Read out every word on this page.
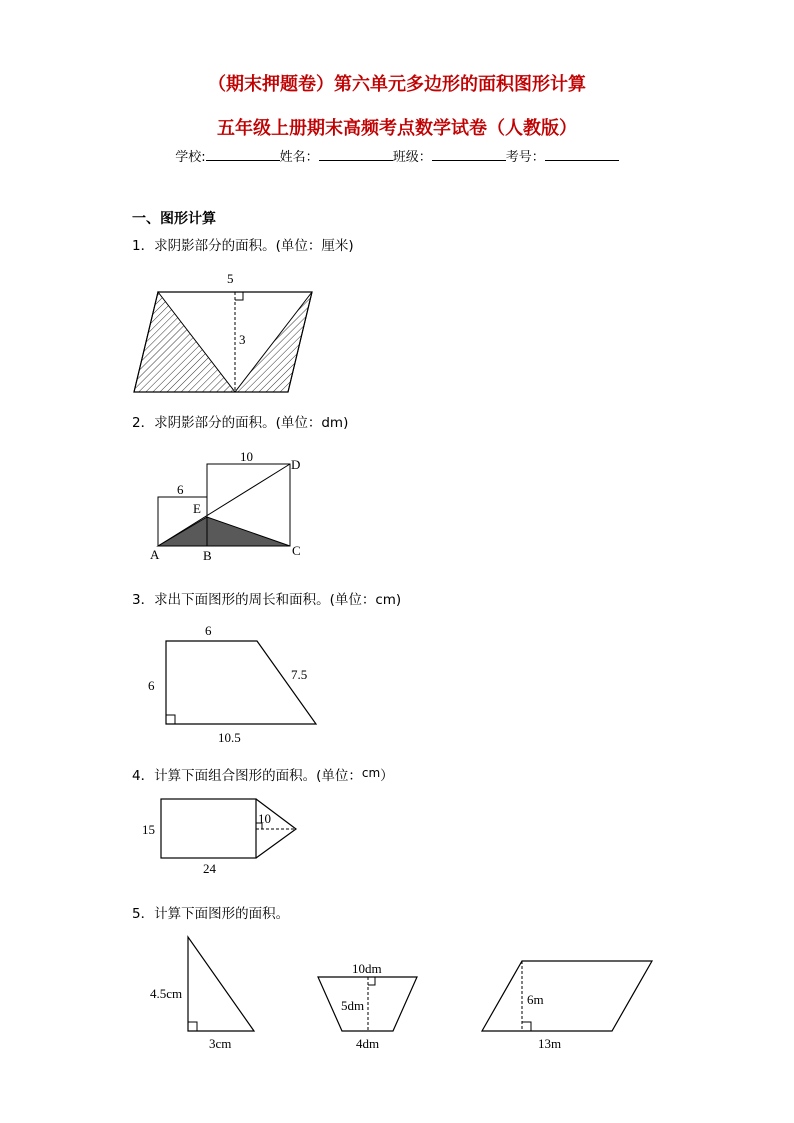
（期末押题卷）第六单元多边形的面积图形计算
五年级上册期末高频考点数学试卷（人教版）
学校:	姓名：	班级：	考号：
一、图形计算
1．求阴影部分的面积。(单位：厘米)
2．求阴影部分的面积。(单位：dm)
3．求出下面图形的周长和面积。(单位：cm)
4．计算下面组合图形的面积。(单位：cm）
5．计算下面图形的面积。
5
3
10
D
6
E
A	B	C
6
6
7.5
10.5
15
10
24
4.5cm
3cm
10dm
5dm
4dm
6m
13m
